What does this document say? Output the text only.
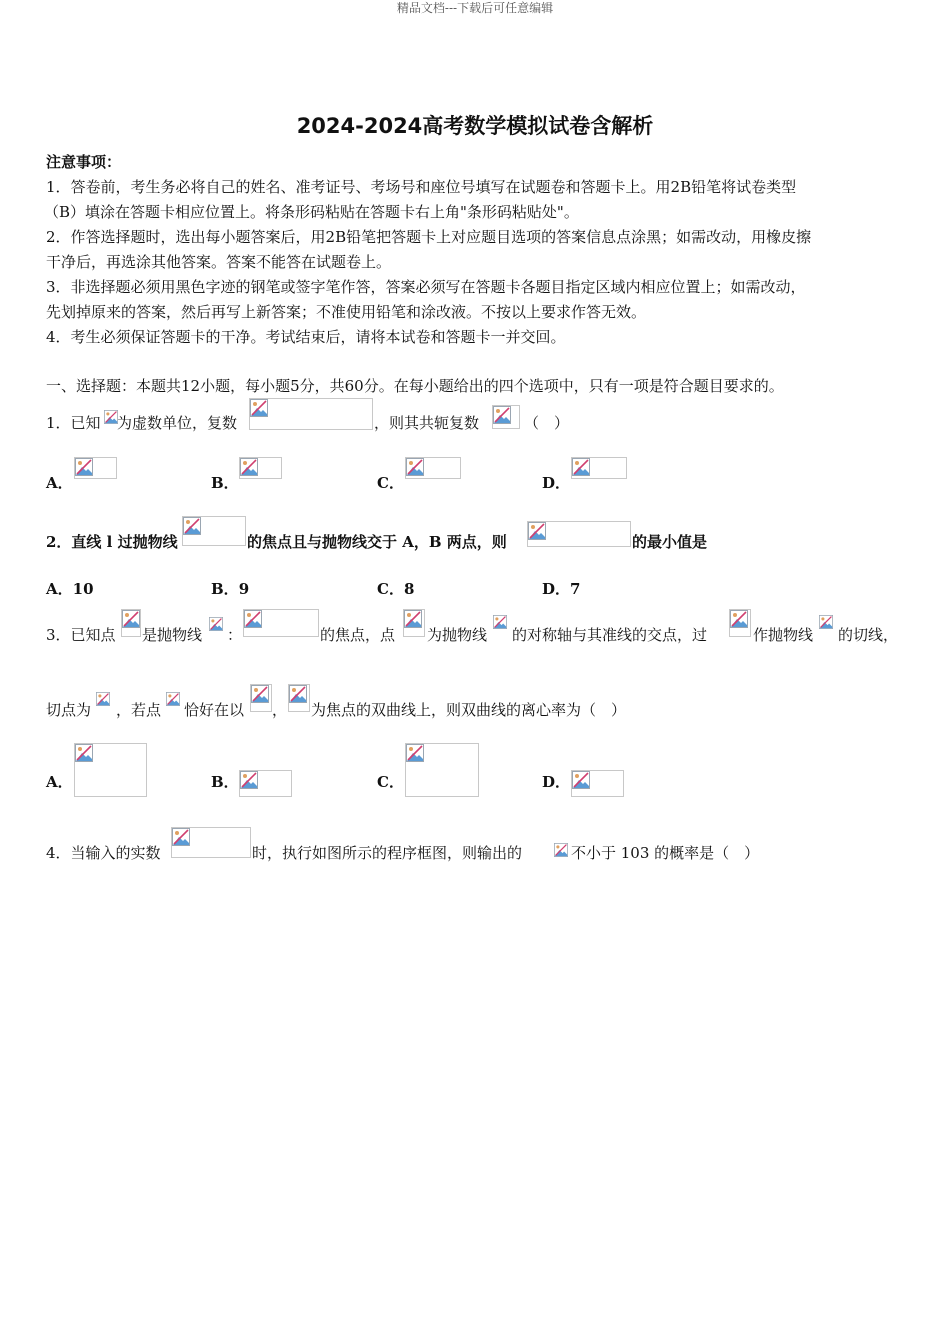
精品文档---下载后可任意编辑
2024-2024高考数学模拟试卷含解析
注意事项：
1．答卷前，考生务必将自己的姓名、准考证号、考场号和座位号填写在试题卷和答题卡上。用2B铅笔将试卷类型
（B）填涂在答题卡相应位置上。将条形码粘贴在答题卡右上角"条形码粘贴处"。
2．作答选择题时，选出每小题答案后，用2B铅笔把答题卡上对应题目选项的答案信息点涂黑；如需改动，用橡皮擦
干净后，再选涂其他答案。答案不能答在试题卷上。
3．非选择题必须用黑色字迹的钢笔或签字笔作答，答案必须写在答题卡各题目指定区域内相应位置上；如需改动，
先划掉原来的答案，然后再写上新答案；不准使用铅笔和涂改液。不按以上要求作答无效。
4．考生必须保证答题卡的干净。考试结束后，请将本试卷和答题卡一并交回。
一、选择题：本题共12小题，每小题5分，共60分。在每小题给出的四个选项中，只有一项是符合题目要求的。
1．已知 为虚数单位，复数	，则其共轭复数	（　）
A．	B．	C．	D．
2．直线 l 过抛物线	的焦点且与抛物线交于 A，B 两点，则	的最小值是
A．10	B．9	C．8	D．7
3．已知点 是抛物线 ：	的焦点，点 为抛物线 的对称轴与其准线的交点，过	作抛物线 的切线，
切点为 ，若点 恰好在以 ， 为焦点的双曲线上，则双曲线的离心率为（　）
A．	B．	C．	D．
4．当输入的实数	时，执行如图所示的程序框图，则输出的	不小于 103 的概率是（　）
